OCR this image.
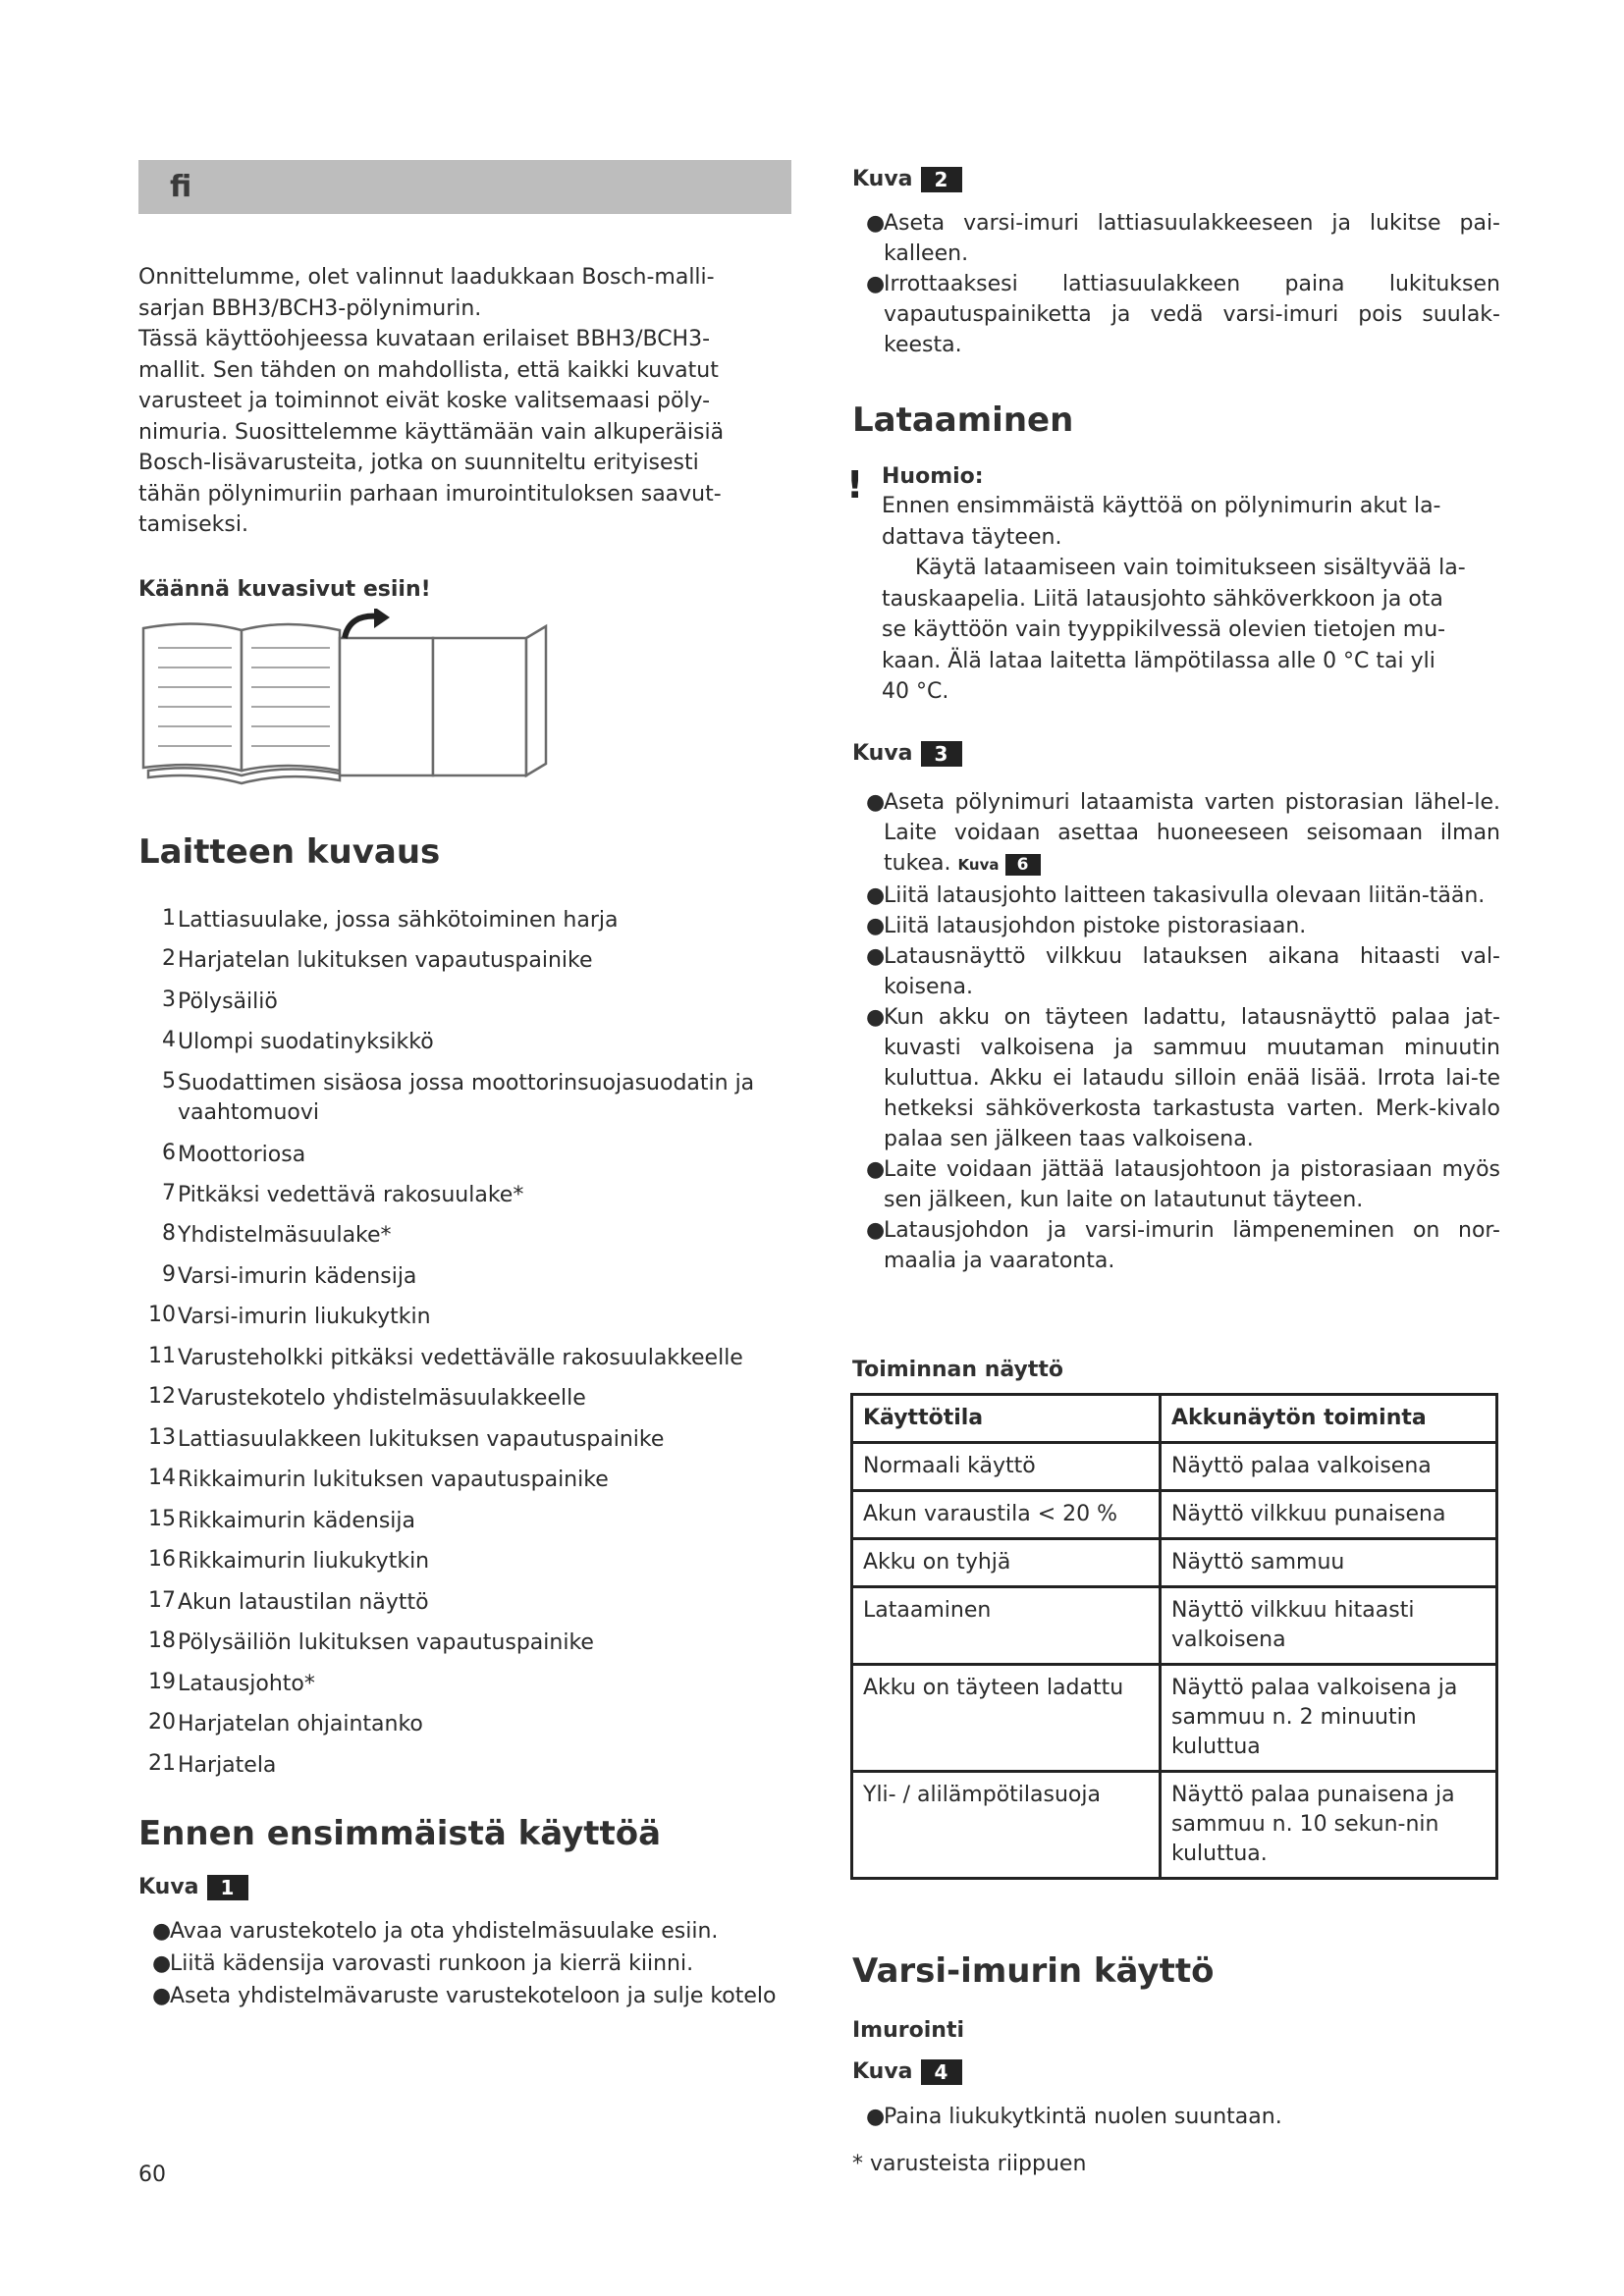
fi
Onnittelumme, olet valinnut laadukkaan Bosch-malli-
sarjan BBH3/BCH3-pölynimurin.
Tässä käyttöohjeessa kuvataan erilaiset BBH3/BCH3-
mallit. Sen tähden on mahdollista, että kaikki kuvatut
varusteet ja toiminnot eivät koske valitsemaasi pöly-
nimuria. Suosittelemme käyttämään vain alkuperäisiä
Bosch-lisävarusteita, jotka on suunniteltu erityisesti
tähän pölynimuriin parhaan imurointituloksen saavut-
tamiseksi.
Käännä kuvasivut esiin!
Laitteen kuvaus
1 Lattiasuulake, jossa sähkötoiminen harja
2 Harjatelan lukituksen vapautuspainike
3 Pölysäiliö
4 Ulompi suodatinyksikkö
5 Suodattimen sisäosa jossa moottorinsuojasuodatin ja vaahtomuovi
6 Moottoriosa
7 Pitkäksi vedettävä rakosuulake*
8 Yhdistelmäsuulake*
9 Varsi-imurin kädensija
10 Varsi-imurin liukukytkin
11 Varusteholkki pitkäksi vedettävälle rakosuulakkeelle
12 Varustekotelo yhdistelmäsuulakkeelle
13 Lattiasuulakkeen lukituksen vapautuspainike
14 Rikkaimurin lukituksen vapautuspainike
15 Rikkaimurin kädensija
16 Rikkaimurin liukukytkin
17 Akun lataustilan näyttö
18 Pölysäiliön lukituksen vapautuspainike
19 Latausjohto*
20 Harjatelan ohjaintanko
21 Harjatela
Ennen ensimmäistä käyttöä
Kuva 1
●
Avaa varustekotelo ja ota yhdistelmäsuulake esiin.
●
Liitä kädensija varovasti runkoon ja kierrä kiinni.
●
Aseta yhdistelmävaruste varustekoteloon ja sulje kotelo
60
Kuva 2
●
Aseta varsi-imuri lattiasuulakkeeseen ja lukitse pai-kalleen.
●
Irrottaaksesi lattiasuulakkeen paina lukituksen vapautuspainiketta ja vedä varsi-imuri pois suulak-keesta.
Lataaminen
! Huomio:
Ennen ensimmäistä käyttöä on pölynimurin akut la-
dattava täyteen.
Käytä lataamiseen vain toimitukseen sisältyvää la-
tauskaapelia. Liitä latausjohto sähköverkkoon ja ota
se käyttöön vain tyyppikilvessä olevien tietojen mu-
kaan. Älä lataa laitetta lämpötilassa alle 0 °C tai yli
40 °C.
Kuva 3
●
Aseta pölynimuri lataamista varten pistorasian lähel-le. Laite voidaan asettaa huoneeseen seisomaan ilman tukea. Kuva 6
●
Liitä latausjohto laitteen takasivulla olevaan liitän-tään.
●
Liitä latausjohdon pistoke pistorasiaan.
●
Latausnäyttö vilkkuu latauksen aikana hitaasti val-koisena.
●
Kun akku on täyteen ladattu, latausnäyttö palaa jat-kuvasti valkoisena ja sammuu muutaman minuutin kuluttua. Akku ei lataudu silloin enää lisää. Irrota lai-te hetkeksi sähköverkosta tarkastusta varten. Merk-kivalo palaa sen jälkeen taas valkoisena.
●
Laite voidaan jättää latausjohtoon ja pistorasiaan myös sen jälkeen, kun laite on latautunut täyteen.
●
Latausjohdon ja varsi-imurin lämpeneminen on nor-maalia ja vaaratonta.
Toiminnan näyttö
Käyttötila	Akkunäytön toiminta
Normaali käyttö	Näyttö palaa valkoisena
Akun varaustila < 20 %	Näyttö vilkkuu punaisena
Akku on tyhjä	Näyttö sammuu
Lataaminen	Näyttö vilkkuu hitaasti valkoisena
Akku on täyteen ladattu	Näyttö palaa valkoisena ja sammuu n. 2 minuutin kuluttua
Yli- / alilämpötilasuoja	Näyttö palaa punaisena ja sammuu n. 10 sekun-nin kuluttua.
Varsi-imurin käyttö
Imurointi
Kuva 4
●
Paina liukukytkintä nuolen suuntaan.
* varusteista riippuen
